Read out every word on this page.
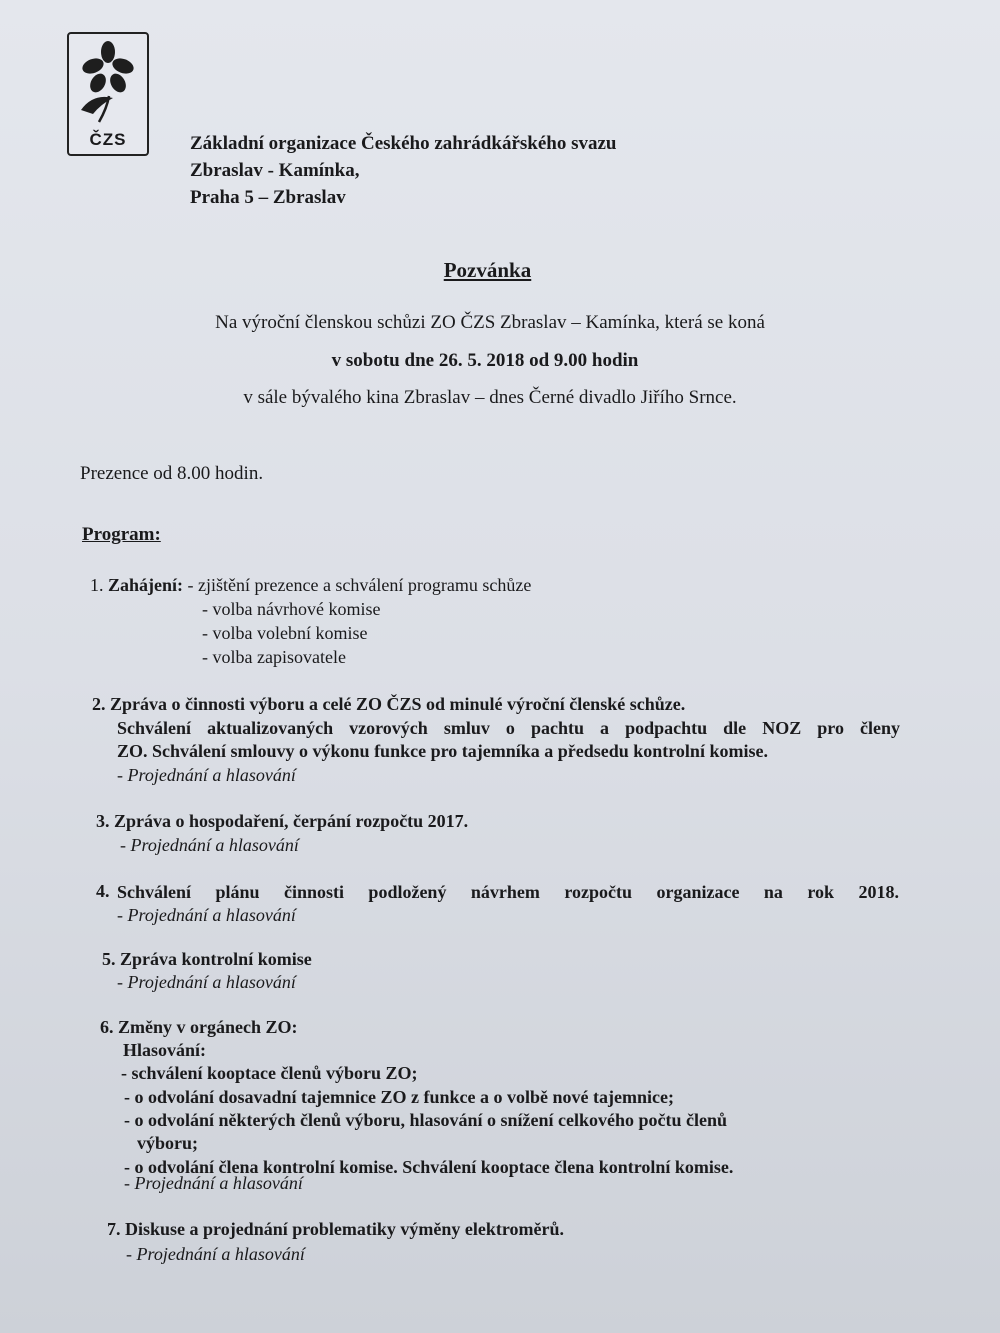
ČZS	Základní organizace Českého zahrádkářského svazu
Zbraslav - Kamínka,
Praha 5 – Zbraslav
Pozvánka
Na výroční členskou schůzi ZO ČZS Zbraslav – Kamínka, která se koná
v sobotu dne 26. 5. 2018 od 9.00 hodin
v sále bývalého kina Zbraslav – dnes Černé divadlo Jiřího Srnce.
Prezence od 8.00 hodin.
Program:
1. Zahájení: - zjištění prezence a schválení programu schůze
- volba návrhové komise
- volba volební komise
- volba zapisovatele
2. Zpráva o činnosti výboru a celé ZO ČZS od minulé výroční členské schůze.
Schválení aktualizovaných vzorových smluv o pachtu a podpachtu dle NOZ pro členy
ZO. Schválení smlouvy o výkonu funkce pro tajemníka a předsedu kontrolní komise.
- Projednání a hlasování
3. Zpráva o hospodaření, čerpání rozpočtu 2017.
- Projednání a hlasování
4. Schválení plánu činnosti podložený návrhem rozpočtu organizace na rok 2018.
- Projednání a hlasování
5. Zpráva kontrolní komise
- Projednání a hlasování
6. Změny v orgánech ZO:
Hlasování:
- schválení kooptace členů výboru ZO;
- o odvolání dosavadní tajemnice ZO z funkce a o volbě nové tajemnice;
- o odvolání některých členů výboru, hlasování o snížení celkového počtu členů
výboru;
- o odvolání člena kontrolní komise. Schválení kooptace člena kontrolní komise.
- Projednání a hlasování
7. Diskuse a projednání problematiky výměny elektroměrů.
- Projednání a hlasování
